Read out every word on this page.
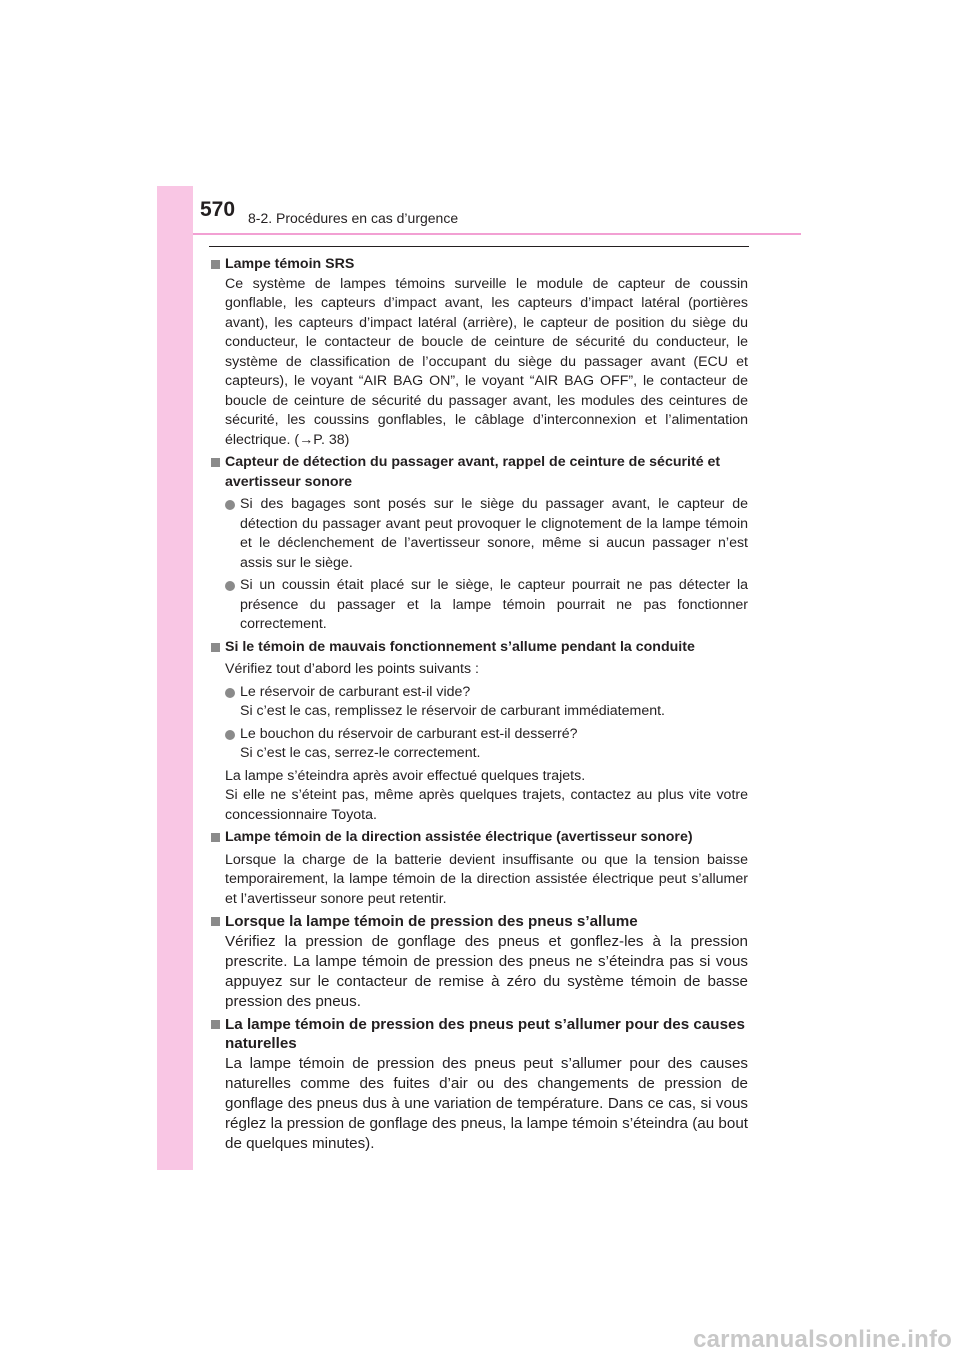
570 8-2. Procédures en cas d’urgence
Lampe témoin SRS
Ce système de lampes témoins surveille le module de capteur de coussin gonflable, les capteurs d’impact avant, les capteurs d’impact latéral (portières avant), les capteurs d’impact latéral (arrière), le capteur de position du siège du conducteur, le contacteur de boucle de ceinture de sécurité du conducteur, le système de classification de l’occupant du siège du passager avant (ECU et capteurs), le voyant “AIR BAG ON”, le voyant “AIR BAG OFF”, le contacteur de boucle de ceinture de sécurité du passager avant, les modules des ceintures de sécurité, les coussins gonflables, le câblage d’interconnexion et l’alimentation électrique. (→P. 38)
Capteur de détection du passager avant, rappel de ceinture de sécurité et avertisseur sonore
Si des bagages sont posés sur le siège du passager avant, le capteur de détection du passager avant peut provoquer le clignotement de la lampe témoin et le déclenchement de l’avertisseur sonore, même si aucun passager n’est assis sur le siège.
Si un coussin était placé sur le siège, le capteur pourrait ne pas détecter la présence du passager et la lampe témoin pourrait ne pas fonctionner correctement.
Si le témoin de mauvais fonctionnement s’allume pendant la conduite
Vérifiez tout d’abord les points suivants :
Le réservoir de carburant est-il vide?
Si c’est le cas, remplissez le réservoir de carburant immédiatement.
Le bouchon du réservoir de carburant est-il desserré?
Si c’est le cas, serrez-le correctement.
La lampe s’éteindra après avoir effectué quelques trajets.
Si elle ne s’éteint pas, même après quelques trajets, contactez au plus vite votre concessionnaire Toyota.
Lampe témoin de la direction assistée électrique (avertisseur sonore)
Lorsque la charge de la batterie devient insuffisante ou que la tension baisse temporairement, la lampe témoin de la direction assistée électrique peut s’allumer et l’avertisseur sonore peut retentir.
Lorsque la lampe témoin de pression des pneus s’allume
Vérifiez la pression de gonflage des pneus et gonflez-les à la pression prescrite. La lampe témoin de pression des pneus ne s’éteindra pas si vous appuyez sur le contacteur de remise à zéro du système témoin de basse pression des pneus.
La lampe témoin de pression des pneus peut s’allumer pour des causes naturelles
La lampe témoin de pression des pneus peut s’allumer pour des causes naturelles comme des fuites d’air ou des changements de pression de gonflage des pneus dus à une variation de température. Dans ce cas, si vous réglez la pression de gonflage des pneus, la lampe témoin s’éteindra (au bout de quelques minutes).
carmanualsonline.info
